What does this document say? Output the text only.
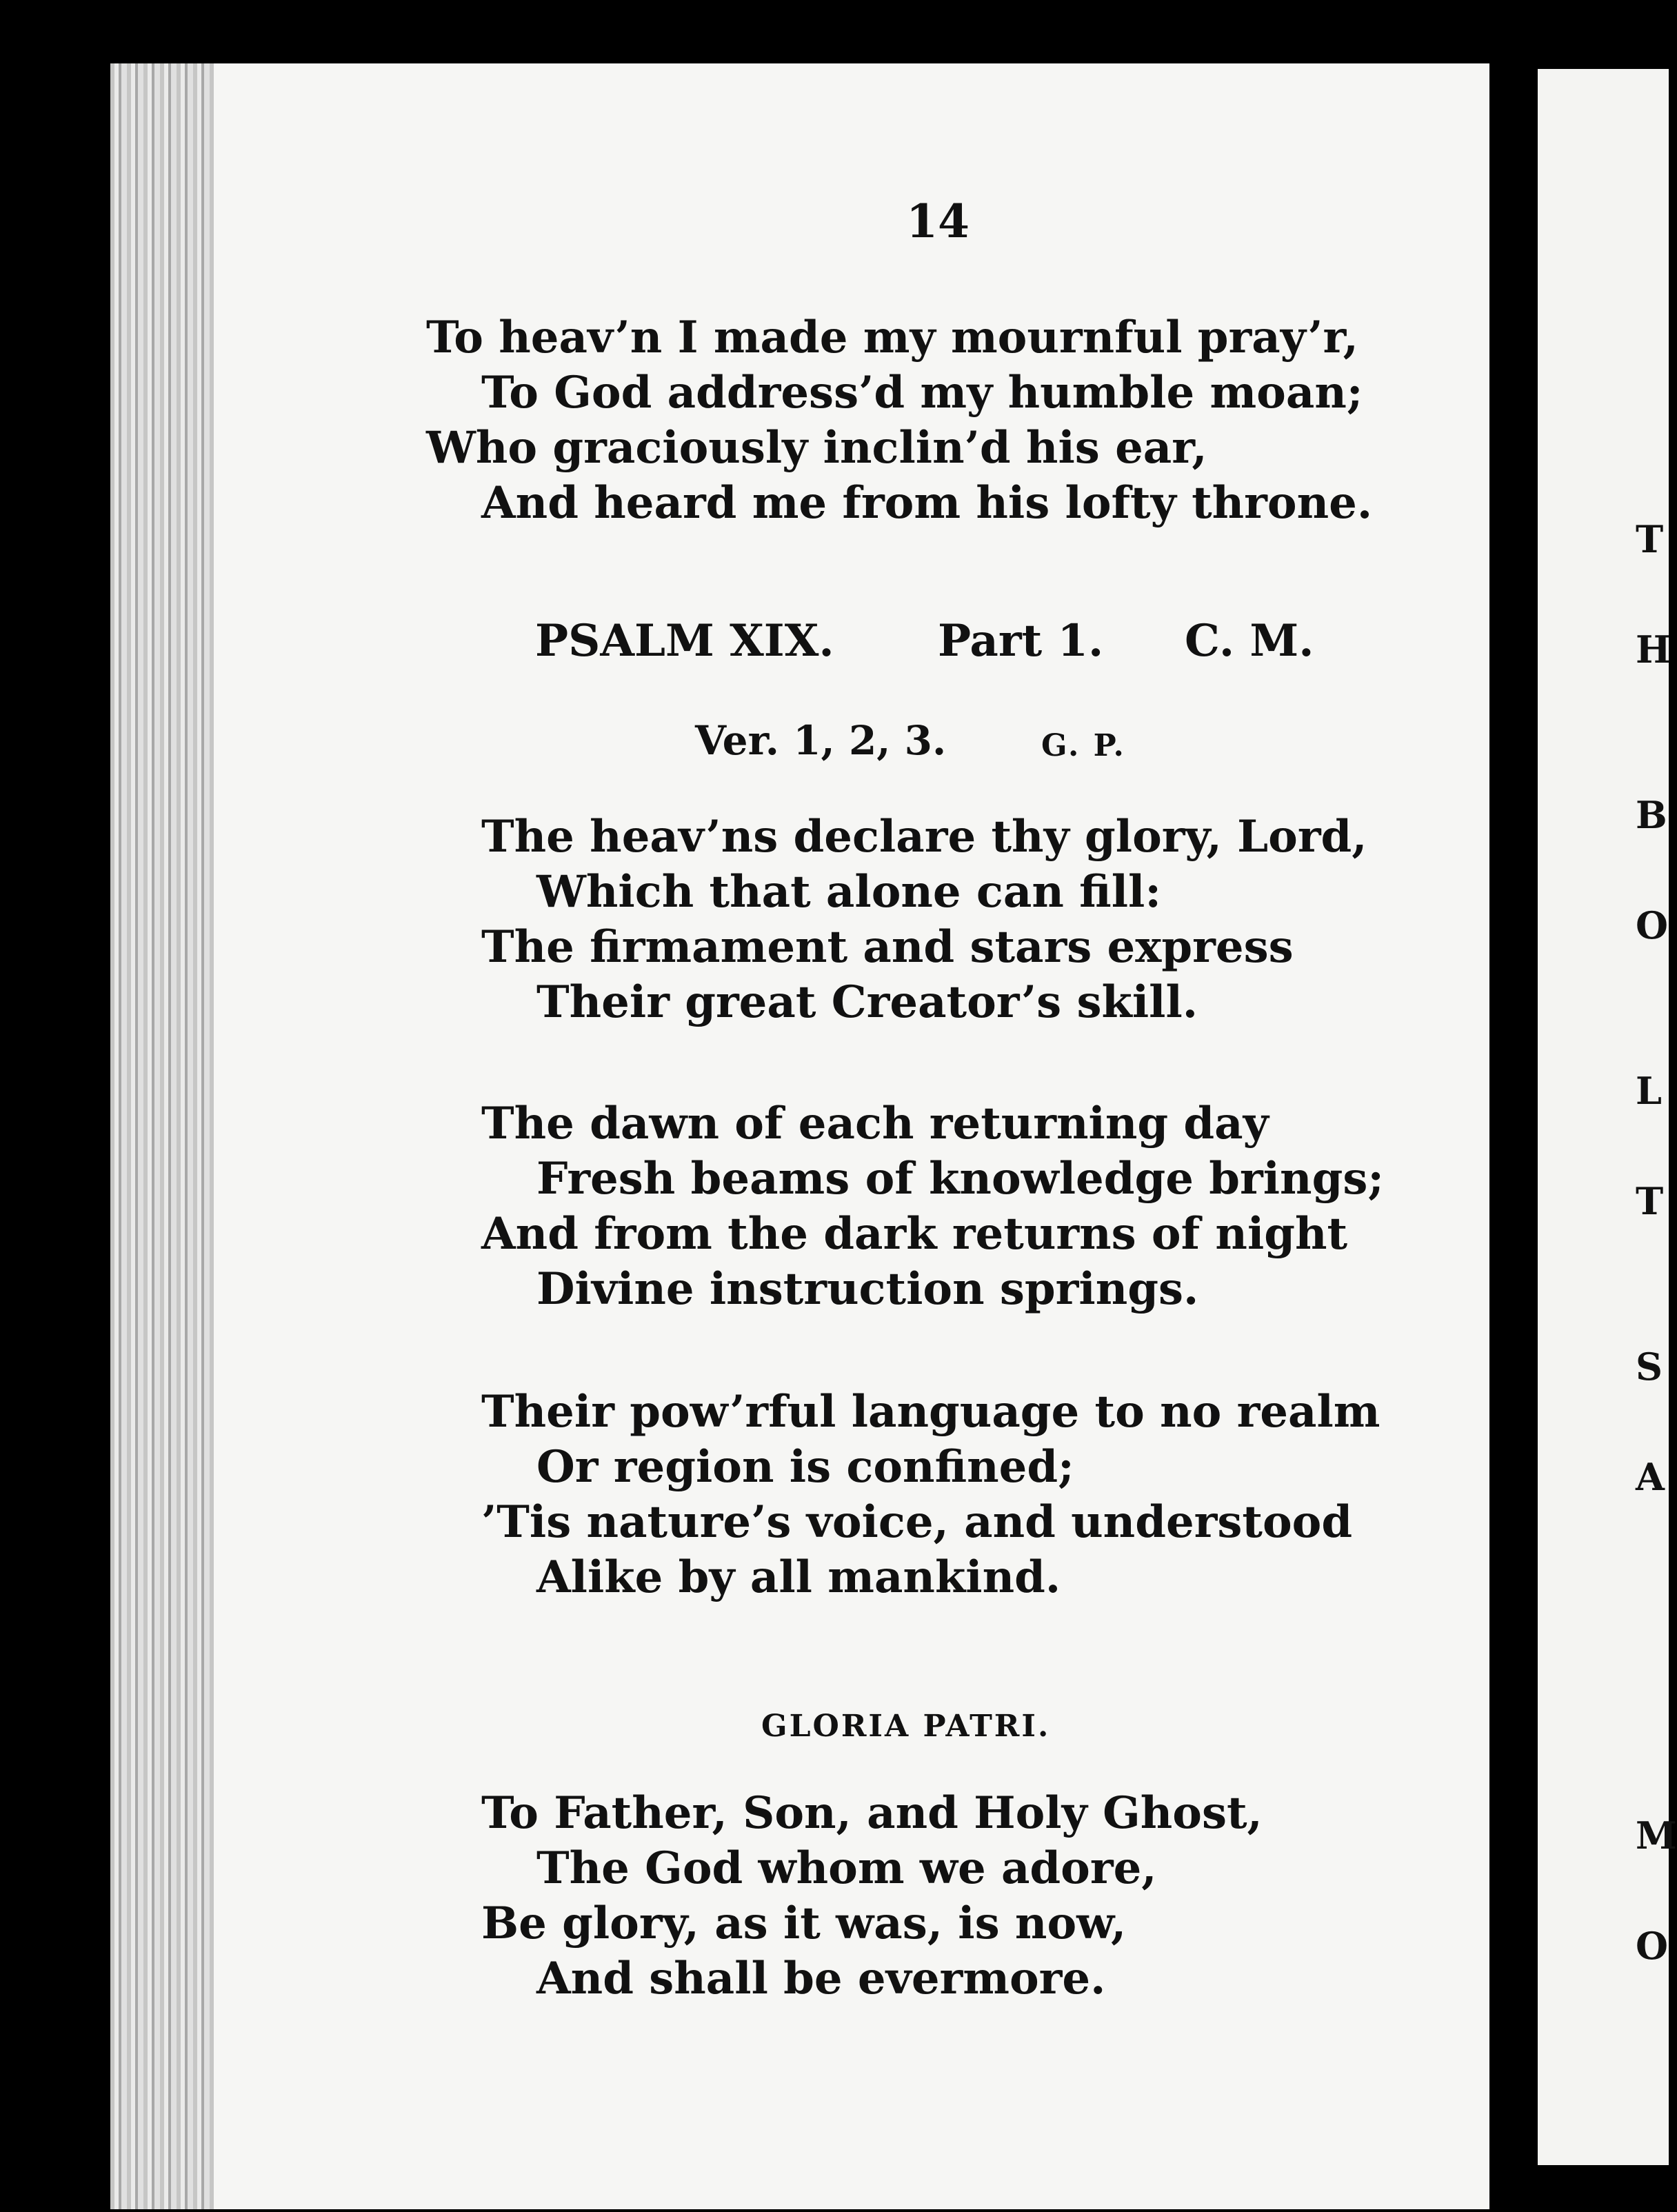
T
H
B
O
L
T
S
A
M
O
14
To heav’n I made my mournful pray’r,
To God address’d my humble moan;
Who graciously inclin’d his ear,
And heard me from his lofty throne.
PSALM XIX. Part 1. C. M.
Ver. 1, 2, 3.	G. P.
The heav’ns declare thy glory, Lord,
Which that alone can fill:
The firmament and stars express
Their great Creator’s skill.
The dawn of each returning day
Fresh beams of knowledge brings;
And from the dark returns of night
Divine instruction springs.
Their pow’rful language to no realm
Or region is confined;
’Tis nature’s voice, and understood
Alike by all mankind.
GLORIA PATRI.
To Father, Son, and Holy Ghost,
The God whom we adore,
Be glory, as it was, is now,
And shall be evermore.
